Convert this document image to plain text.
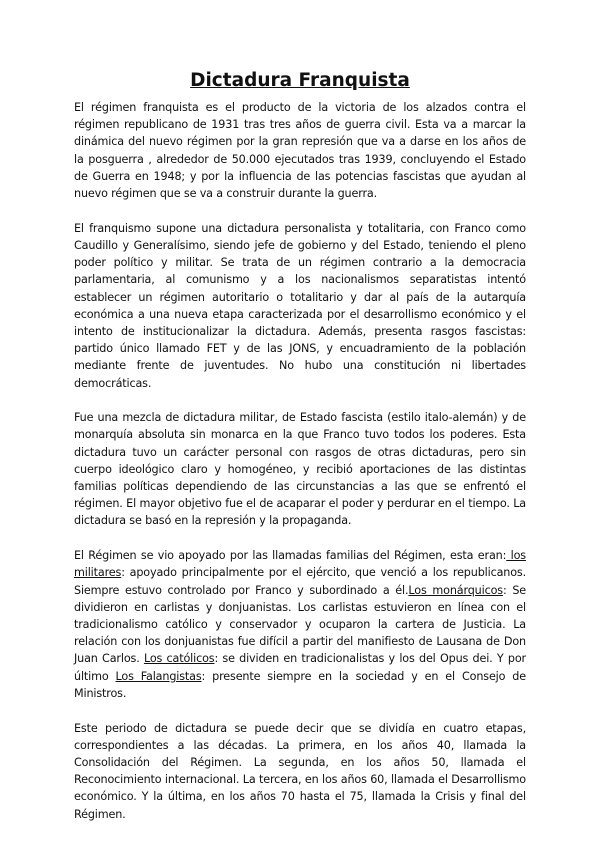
Dictadura Franquista

El régimen franquista es el producto de la victoria de los alzados contra el régimen republicano de 1931 tras tres años de guerra civil. Esta va a marcar la dinámica del nuevo régimen por la gran represión que va a darse en los años de la posguerra , alrededor de 50.000 ejecutados tras 1939, concluyendo el Estado de Guerra en 1948; y por la influencia de las potencias fascistas que ayudan al nuevo régimen que se va a construir durante la guerra.

El franquismo supone una dictadura personalista y totalitaria, con Franco como Caudillo y Generalísimo, siendo jefe de gobierno y del Estado, teniendo el pleno poder político y militar. Se trata de un régimen contrario a la democracia parlamentaria, al comunismo y a los nacionalismos separatistas intentó establecer un régimen autoritario o totalitario y dar al país de la autarquía económica a una nueva etapa caracterizada por el desarrollismo económico y el intento de institucionalizar la dictadura. Además, presenta rasgos fascistas: partido único llamado FET y de las JONS, y encuadramiento de la población mediante frente de juventudes. No hubo una constitución ni libertades democráticas.

Fue una mezcla de dictadura militar, de Estado fascista (estilo italo-alemán) y de monarquía absoluta sin monarca en la que Franco tuvo todos los poderes. Esta dictadura tuvo un carácter personal con rasgos de otras dictaduras, pero sin cuerpo ideológico claro y homogéneo, y recibió aportaciones de las distintas familias políticas dependiendo de las circunstancias a las que se enfrentó el régimen. El mayor objetivo fue el de acaparar el poder y perdurar en el tiempo. La dictadura se basó en la represión y la propaganda.

El Régimen se vio apoyado por las llamadas familias del Régimen, esta eran: los militares: apoyado principalmente por el ejército, que venció a los republicanos. Siempre estuvo controlado por Franco y subordinado a él.Los monárquicos: Se dividieron en carlistas y donjuanistas. Los carlistas estuvieron en línea con el tradicionalismo católico y conservador y ocuparon la cartera de Justicia. La relación con los donjuanistas fue difícil a partir del manifiesto de Lausana de Don Juan Carlos. Los católicos: se dividen en tradicionalistas y los del Opus dei. Y por último Los Falangistas: presente siempre en la sociedad y en el Consejo de Ministros.

Este periodo de dictadura se puede decir que se dividía en cuatro etapas, correspondientes a las décadas. La primera, en los años 40, llamada la Consolidación del Régimen. La segunda, en los años 50, llamada el Reconocimiento internacional. La tercera, en los años 60, llamada el Desarrollismo económico. Y la última, en los años 70 hasta el 75, llamada la Crisis y final del Régimen.
